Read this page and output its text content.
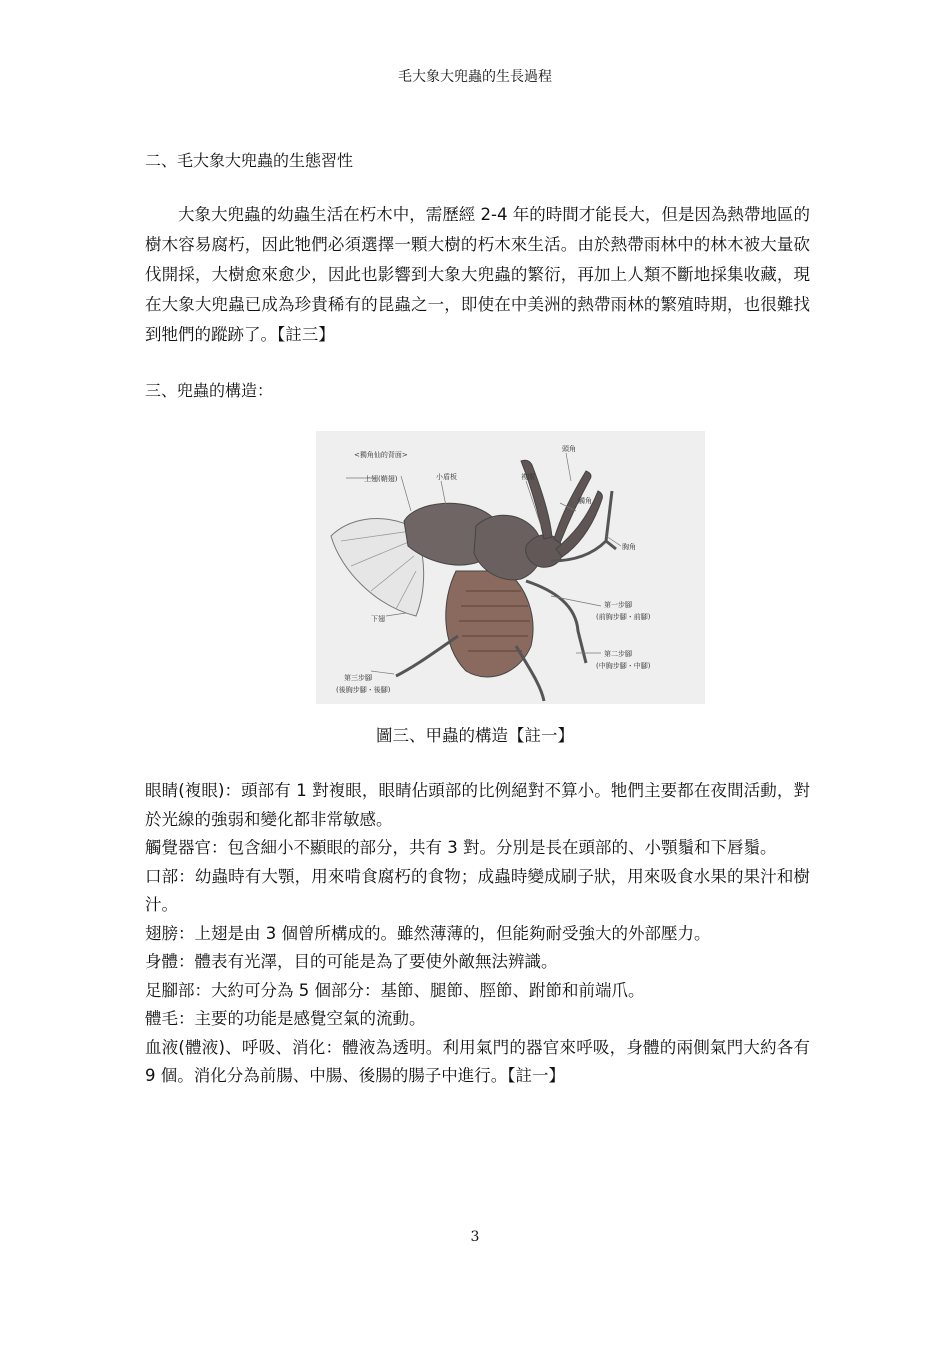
毛大象大兜蟲的生長過程
二、毛大象大兜蟲的生態習性
大象大兜蟲的幼蟲生活在朽木中，需歷經 2-4 年的時間才能長大，但是因為熱帶地區的樹木容易腐朽，因此牠們必須選擇一顆大樹的朽木來生活。由於熱帶雨林中的林木被大量砍伐開採，大樹愈來愈少，因此也影響到大象大兜蟲的繁衍，再加上人類不斷地採集收藏，現在大象大兜蟲已成為珍貴稀有的昆蟲之一，即使在中美洲的熱帶雨林的繁殖時期，也很難找到牠們的蹤跡了。【註三】
三、兜蟲的構造：
<獨角仙的背面>
上翅(鞘翅)	小盾板	複眼
頭角
觸角
胸角
下翅
第一步腳
(前胸步腳・前腳)
第二步腳
(中胸步腳・中腳)
第三步腳
(後胸步腳・後腳)
圖三、甲蟲的構造【註一】
眼睛(複眼)：頭部有 1 對複眼，眼睛佔頭部的比例絕對不算小。牠們主要都在夜間活動，對於光線的強弱和變化都非常敏感。
觸覺器官：包含細小不顯眼的部分，共有 3 對。分別是長在頭部的、小顎鬚和下唇鬚。
口部：幼蟲時有大顎，用來啃食腐朽的食物；成蟲時變成刷子狀，用來吸食水果的果汁和樹汁。
翅膀：上翅是由 3 個曾所構成的。雖然薄薄的，但能夠耐受強大的外部壓力。
身體：體表有光澤，目的可能是為了要使外敵無法辨識。
足腳部：大約可分為 5 個部分：基節、腿節、脛節、跗節和前端爪。
體毛：主要的功能是感覺空氣的流動。
血液(體液)、呼吸、消化：體液為透明。利用氣門的器官來呼吸，身體的兩側氣門大約各有 9 個。消化分為前腸、中腸、後腸的腸子中進行。【註一】
3
